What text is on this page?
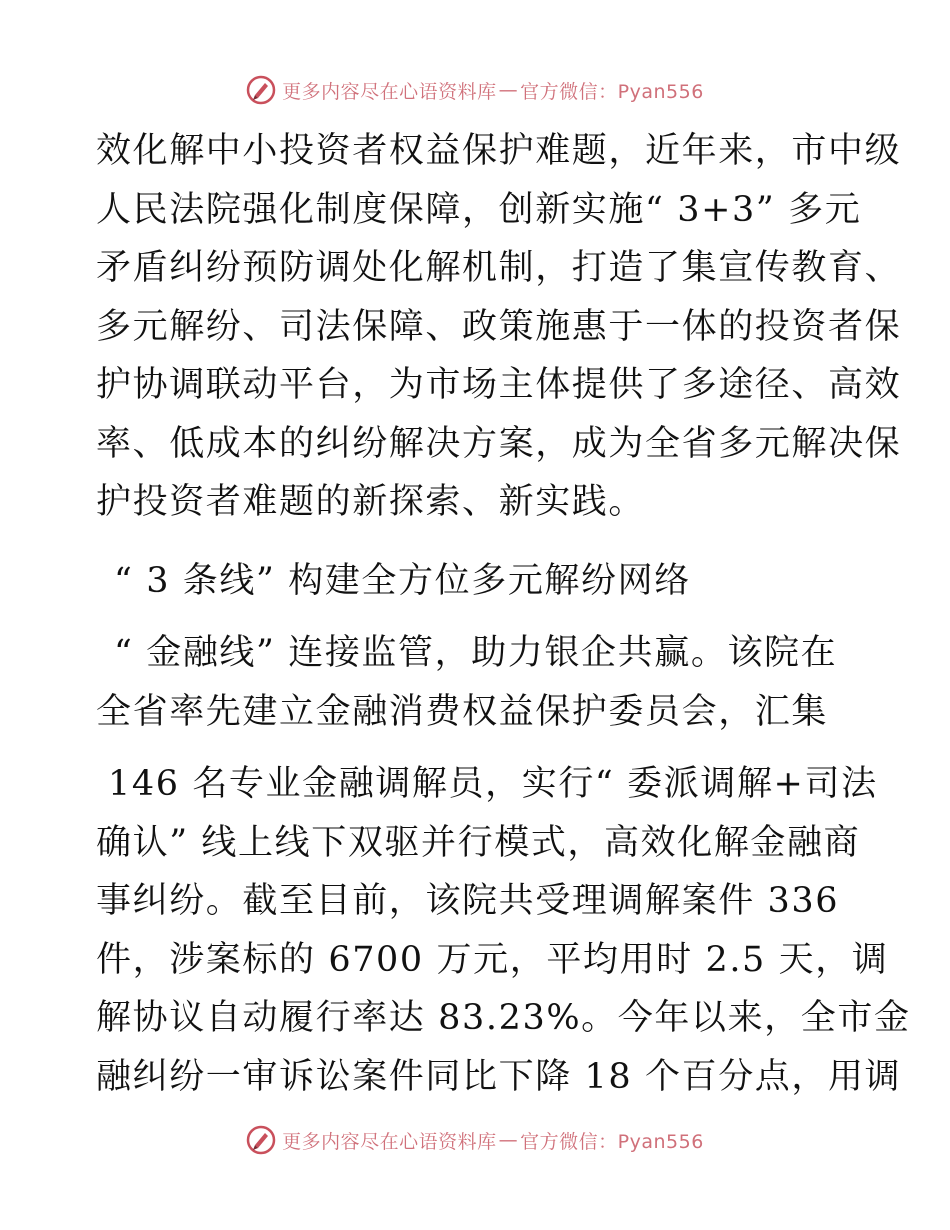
更多内容尽在心语资料库 — 官方微信：Pyan556
效化解中小投资者权益保护难题，近年来，市中级
人民法院强化制度保障，创新实施“ 3+3” 多元
矛盾纠纷预防调处化解机制，打造了集宣传教育、
多元解纷、司法保障、政策施惠于一体的投资者保
护协调联动平台，为市场主体提供了多途径、高效
率、低成本的纠纷解决方案，成为全省多元解决保
护投资者难题的新探索、新实践。
“ 3 条线” 构建全方位多元解纷网络
“ 金融线” 连接监管，助力银企共赢。该院在
全省率先建立金融消费权益保护委员会，汇集
146 名专业金融调解员，实行“ 委派调解+司法
确认” 线上线下双驱并行模式，高效化解金融商
事纠纷。截至目前，该院共受理调解案件 336
件，涉案标的 6700 万元，平均用时 2.5 天，调
解协议自动履行率达 83.23%。今年以来，全市金
融纠纷一审诉讼案件同比下降 18 个百分点，用调
更多内容尽在心语资料库 — 官方微信：Pyan556
